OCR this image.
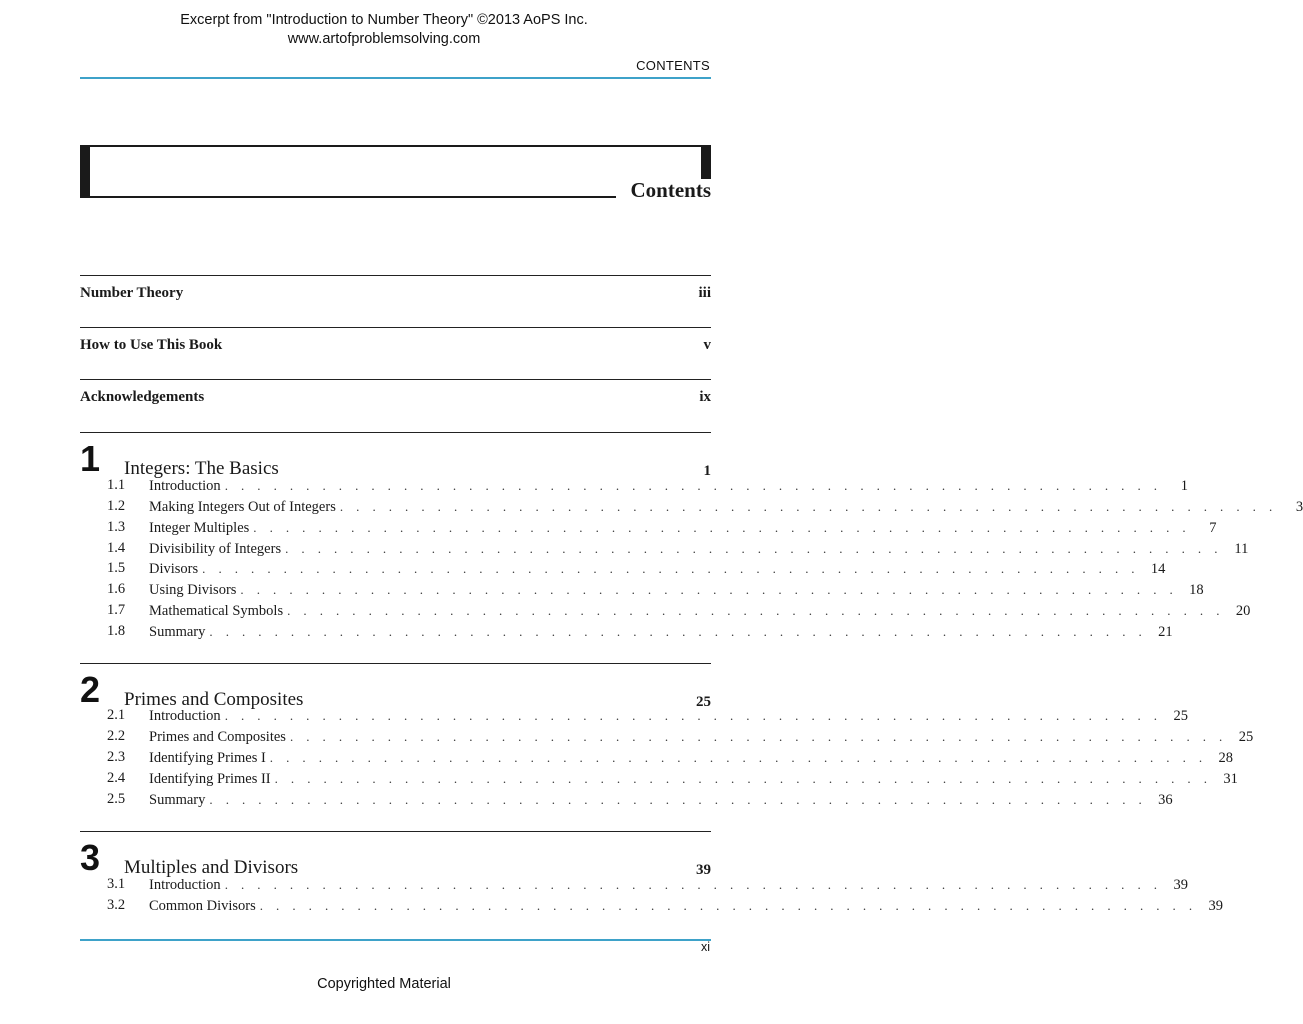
Excerpt from "Introduction to Number Theory" ©2013 AoPS Inc.
www.artofproblemsolving.com
CONTENTS
Contents
Number Theory	iii
How to Use This Book	v
Acknowledgements	ix
1 Integers: The Basics	1
1.1 Introduction . . . . . . . . . . . . . . . . . . . . . . . . . . . . . . . . . . . . . . . . . . . . . . . . . . . . . . . . . .	1
1.2 Making Integers Out of Integers . . . . . . . . . . . . . . . . . . . . . . . . . . . . . . . . . . . . . . . . . . . . . . . . . . . . . . . . . .	3
1.3 Integer Multiples . . . . . . . . . . . . . . . . . . . . . . . . . . . . . . . . . . . . . . . . . . . . . . . . . . . . . . . . . .	7
1.4 Divisibility of Integers . . . . . . . . . . . . . . . . . . . . . . . . . . . . . . . . . . . . . . . . . . . . . . . . . . . . . . . . . . 11
1.5 Divisors . . . . . . . . . . . . . . . . . . . . . . . . . . . . . . . . . . . . . . . . . . . . . . . . . . . . . . . . . . 14
1.6 Using Divisors . . . . . . . . . . . . . . . . . . . . . . . . . . . . . . . . . . . . . . . . . . . . . . . . . . . . . . . . . . 18
1.7 Mathematical Symbols . . . . . . . . . . . . . . . . . . . . . . . . . . . . . . . . . . . . . . . . . . . . . . . . . . . . . . . . . . 20
1.8 Summary . . . . . . . . . . . . . . . . . . . . . . . . . . . . . . . . . . . . . . . . . . . . . . . . . . . . . . . . . . 21
2 Primes and Composites	25
2.1 Introduction . . . . . . . . . . . . . . . . . . . . . . . . . . . . . . . . . . . . . . . . . . . . . . . . . . . . . . . . . . 25
2.2 Primes and Composites . . . . . . . . . . . . . . . . . . . . . . . . . . . . . . . . . . . . . . . . . . . . . . . . . . . . . . . . . . 25
2.3 Identifying Primes I . . . . . . . . . . . . . . . . . . . . . . . . . . . . . . . . . . . . . . . . . . . . . . . . . . . . . . . . . . 28
2.4 Identifying Primes II . . . . . . . . . . . . . . . . . . . . . . . . . . . . . . . . . . . . . . . . . . . . . . . . . . . . . . . . . . 31
2.5 Summary . . . . . . . . . . . . . . . . . . . . . . . . . . . . . . . . . . . . . . . . . . . . . . . . . . . . . . . . . . 36
3 Multiples and Divisors	39
3.1 Introduction . . . . . . . . . . . . . . . . . . . . . . . . . . . . . . . . . . . . . . . . . . . . . . . . . . . . . . . . . . 39
3.2 Common Divisors . . . . . . . . . . . . . . . . . . . . . . . . . . . . . . . . . . . . . . . . . . . . . . . . . . . . . . . . . . 39
xi
Copyrighted Material
